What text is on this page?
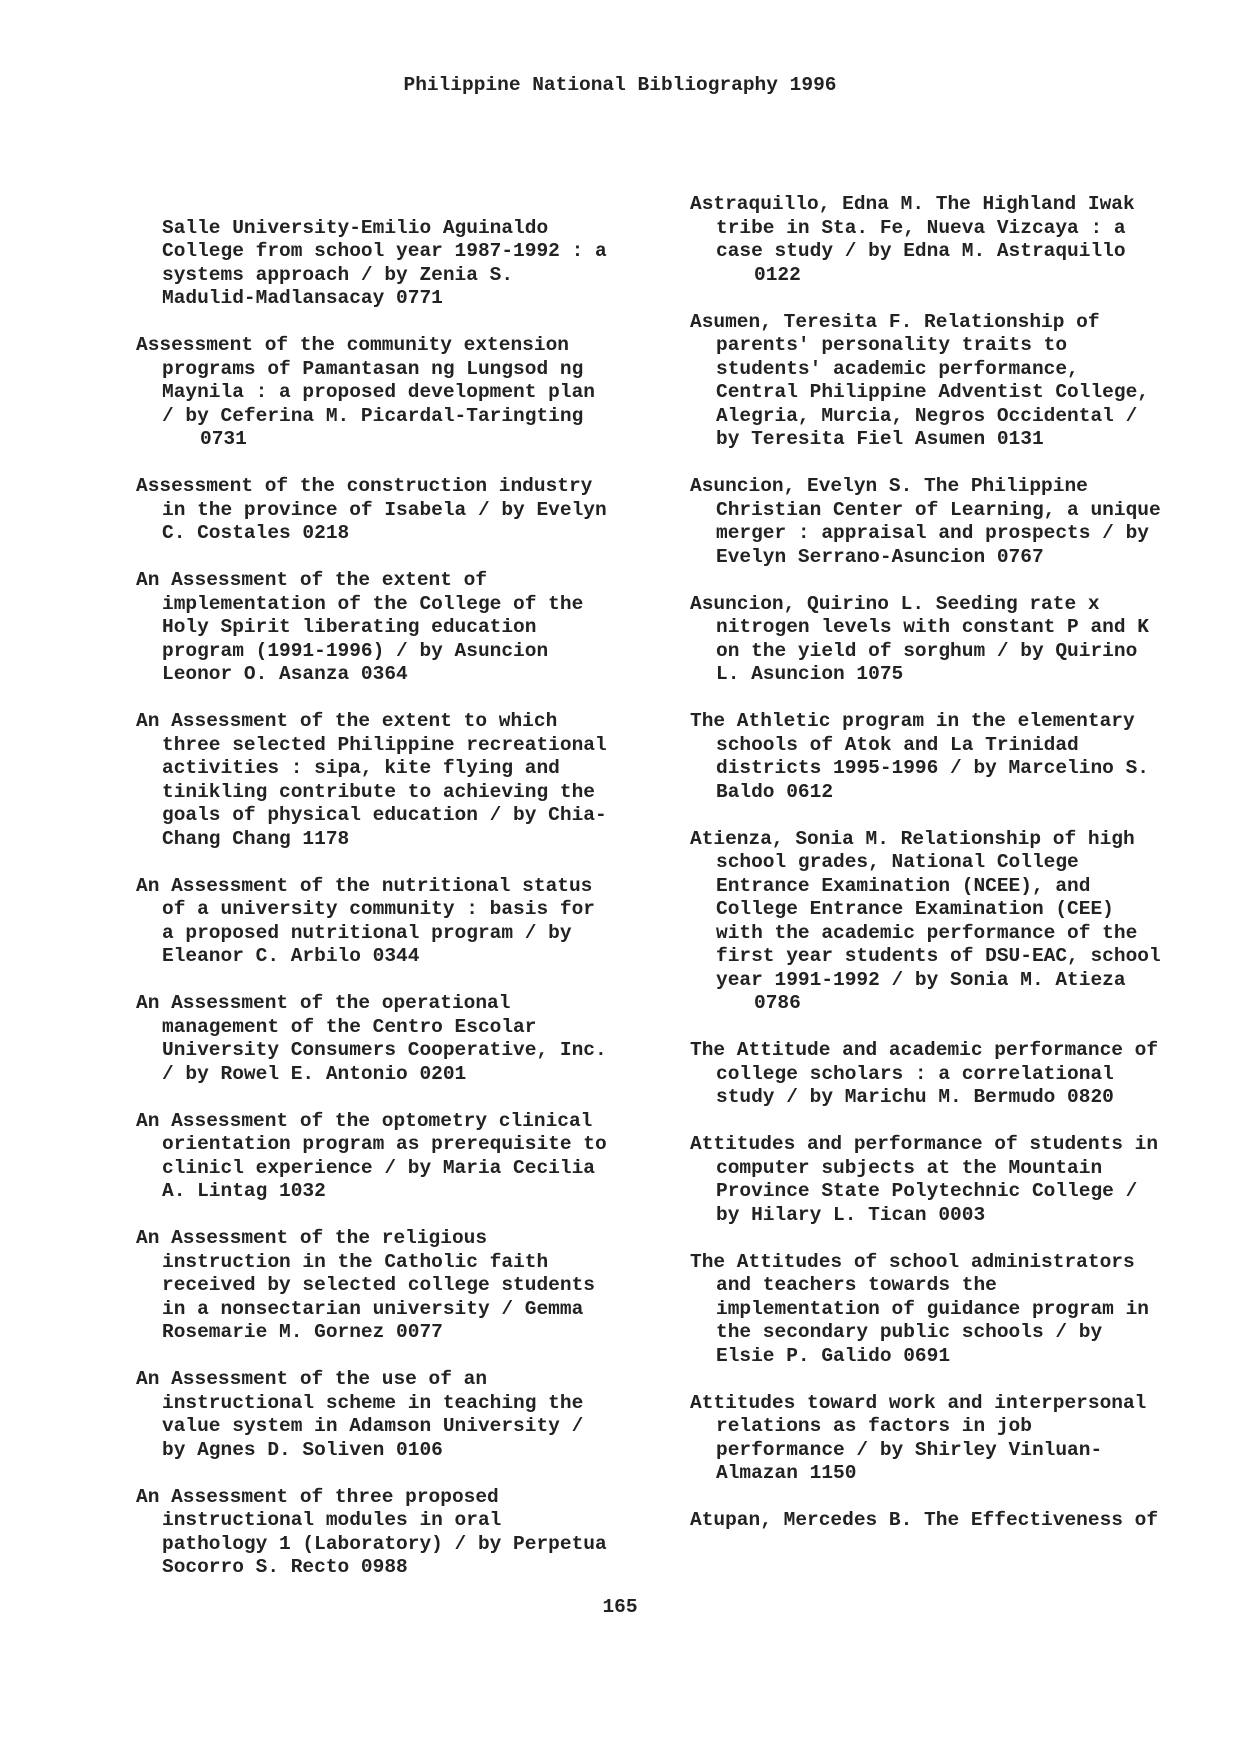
Philippine National Bibliography 1996
Salle University-Emilio Aguinaldo
College from school year 1987-1992 : a
systems approach / by Zenia S.
Madulid-Madlansacay 0771
Assessment of the community extension
programs of Pamantasan ng Lungsod ng
Maynila : a proposed development plan
/ by Ceferina M. Picardal-Taringting
0731
Assessment of the construction industry
in the province of Isabela / by Evelyn
C. Costales 0218
An Assessment of the extent of
implementation of the College of the
Holy Spirit liberating education
program (1991-1996) / by Asuncion
Leonor O. Asanza 0364
An Assessment of the extent to which
three selected Philippine recreational
activities : sipa, kite flying and
tinikling contribute to achieving the
goals of physical education / by Chia-
Chang Chang 1178
An Assessment of the nutritional status
of a university community : basis for
a proposed nutritional program / by
Eleanor C. Arbilo 0344
An Assessment of the operational
management of the Centro Escolar
University Consumers Cooperative, Inc.
/ by Rowel E. Antonio 0201
An Assessment of the optometry clinical
orientation program as prerequisite to
clinicl experience / by Maria Cecilia
A. Lintag 1032
An Assessment of the religious
instruction in the Catholic faith
received by selected college students
in a nonsectarian university / Gemma
Rosemarie M. Gornez 0077
An Assessment of the use of an
instructional scheme in teaching the
value system in Adamson University /
by Agnes D. Soliven 0106
An Assessment of three proposed
instructional modules in oral
pathology 1 (Laboratory) / by Perpetua
Socorro S. Recto 0988
Astraquillo, Edna M. The Highland Iwak
tribe in Sta. Fe, Nueva Vizcaya : a
case study / by Edna M. Astraquillo
0122
Asumen, Teresita F. Relationship of
parents' personality traits to
students' academic performance,
Central Philippine Adventist College,
Alegria, Murcia, Negros Occidental /
by Teresita Fiel Asumen 0131
Asuncion, Evelyn S. The Philippine
Christian Center of Learning, a unique
merger : appraisal and prospects / by
Evelyn Serrano-Asuncion 0767
Asuncion, Quirino L. Seeding rate x
nitrogen levels with constant P and K
on the yield of sorghum / by Quirino
L. Asuncion 1075
The Athletic program in the elementary
schools of Atok and La Trinidad
districts 1995-1996 / by Marcelino S.
Baldo 0612
Atienza, Sonia M. Relationship of high
school grades, National College
Entrance Examination (NCEE), and
College Entrance Examination (CEE)
with the academic performance of the
first year students of DSU-EAC, school
year 1991-1992 / by Sonia M. Atieza
0786
The Attitude and academic performance of
college scholars : a correlational
study / by Marichu M. Bermudo 0820
Attitudes and performance of students in
computer subjects at the Mountain
Province State Polytechnic College /
by Hilary L. Tican 0003
The Attitudes of school administrators
and teachers towards the
implementation of guidance program in
the secondary public schools / by
Elsie P. Galido 0691
Attitudes toward work and interpersonal
relations as factors in job
performance / by Shirley Vinluan-
Almazan 1150
Atupan, Mercedes B. The Effectiveness of
165
